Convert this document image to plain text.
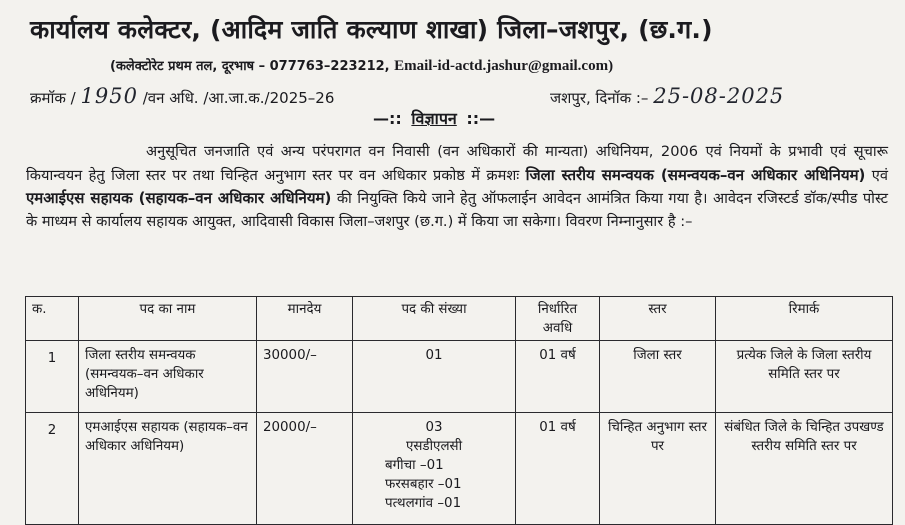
कार्यालय कलेक्टर, (आदिम जाति कल्याण शाखा) जिला–जशपुर, (छ.ग.)
(कलेक्टोरेट प्रथम तल, दूरभाष – 077763–223212, Email-id-actd.jashur@gmail.com)
क्रमॉक / 1950 /वन अधि. /आ.जा.क./2025–26	जशपुर, दिनॉक :– 25-08-2025
—:: विज्ञापन ::—

अनुसूचित जनजाति एवं अन्य परंपरागत वन निवासी (वन अधिकारों की मान्यता) अधिनियम, 2006 एवं नियमों के प्रभावी एवं सूचारू कियान्वयन हेतु जिला स्तर पर तथा चिन्हित अनुभाग स्तर पर वन अधिकार प्रकोष्ठ में क्रमशः जिला स्तरीय समन्वयक (समन्वयक–वन अधिकार अधिनियम) एवं एमआईएस सहायक (सहायक–वन अधिकार अधिनियम) की नियुक्ति किये जाने हेतु ऑफलाईन आवेदन आमंत्रित किया गया है। आवेदन रजिस्टर्ड डॉक/स्पीड पोस्ट के माध्यम से कार्यालय सहायक आयुक्त, आदिवासी विकास जिला–जशपुर (छ.ग.) में किया जा सकेगा। विवरण निम्नानुसार है :–

क.	पद का नाम	मानदेय	पद की संख्या	निर्धारित अवधि	स्तर	रिमार्क
1	जिला स्तरीय समन्वयक (समन्वयक–वन अधिकार अधिनियम)	30000/–	01	01 वर्ष	जिला स्तर	प्रत्येक जिले के जिला स्तरीय समिति स्तर पर
2	एमआईएस सहायक (सहायक–वन अधिकार अधिनियम)	20000/–	03
एसडीएलसी
बगीचा –01
फरसबहार –01
पत्थलगांव –01	01 वर्ष	चिन्हित अनुभाग स्तर पर	संबंधित जिले के चिन्हित उपखण्ड स्तरीय समिति स्तर पर
